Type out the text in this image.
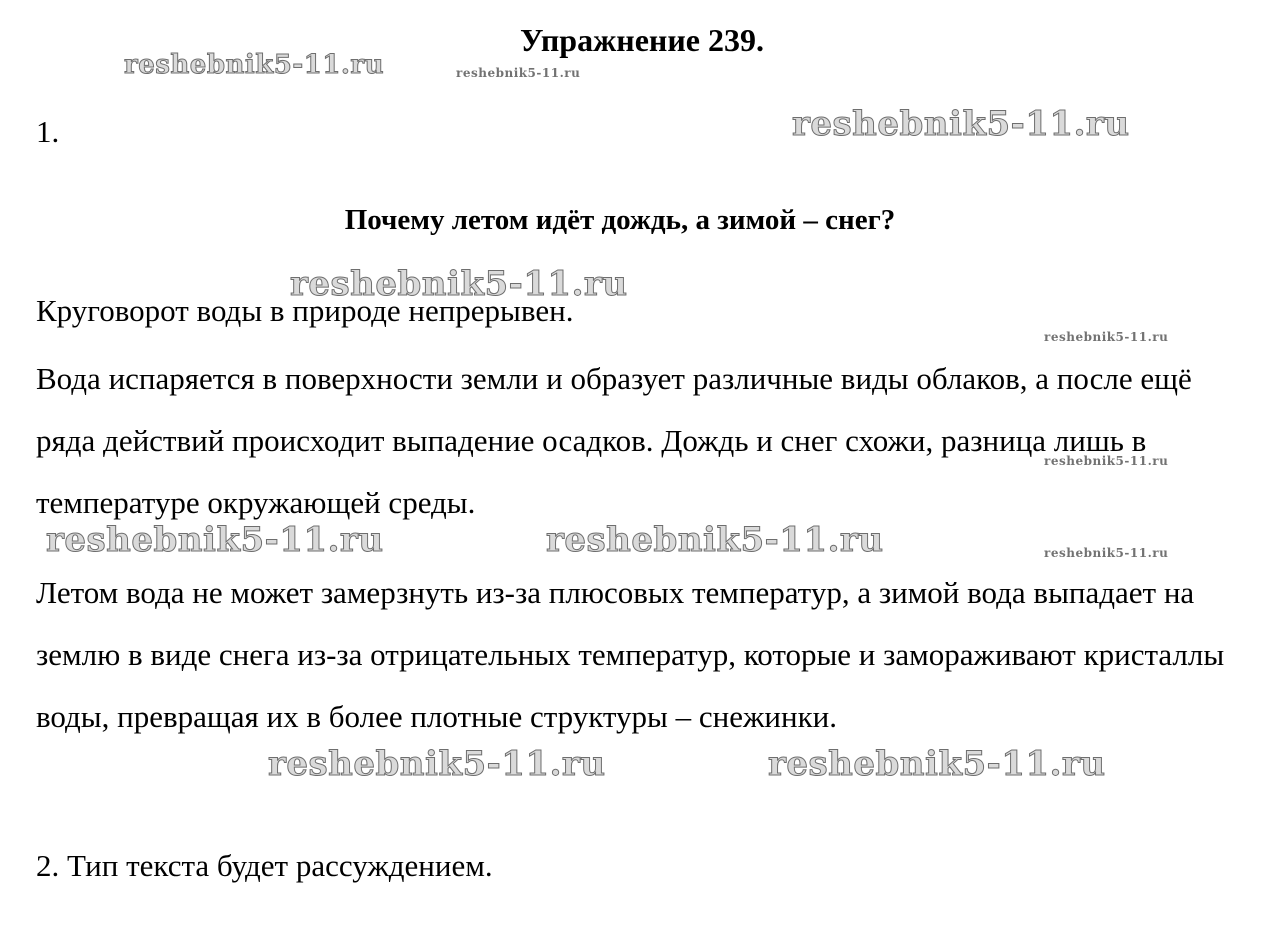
Упражнение 239.
1.
Почему летом идёт дождь, а зимой – снег?

Круговорот воды в природе непрерывен.

Вода испаряется в поверхности земли и образует различные виды облаков, а после ещё ряда действий происходит выпадение осадков. Дождь и снег схожи, разница лишь в температуре окружающей среды.

Летом вода не может замерзнуть из-за плюсовых температур, а зимой вода выпадает на землю в виде снега из-за отрицательных температур, которые и замораживают кристаллы воды, превращая их в более плотные структуры – снежинки.

2. Тип текста будет рассуждением.
reshebnik5-11.ru	reshebnik5-11.ru
reshebnik5-11.ru
reshebnik5-11.ru
reshebnik5-11.ru
reshebnik5-11.ru
reshebnik5-11.ru	reshebnik5-11.ru	reshebnik5-11.ru
reshebnik5-11.ru	reshebnik5-11.ru
